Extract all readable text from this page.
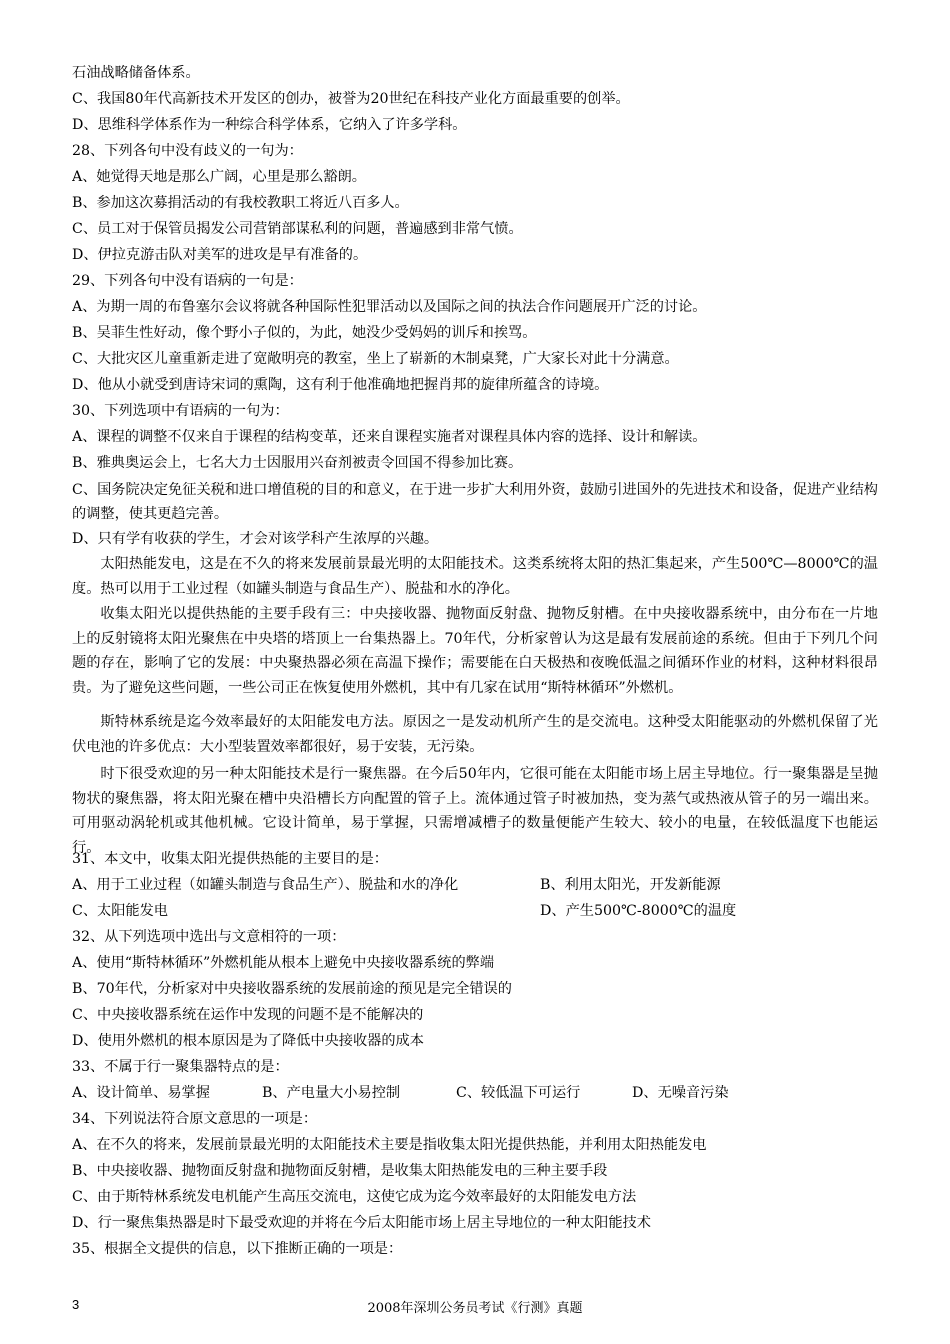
石油战略储备体系。
C、我国80年代高新技术开发区的创办，被誉为20世纪在科技产业化方面最重要的创举。
D、思维科学体系作为一种综合科学体系，它纳入了许多学科。
28、下列各句中没有歧义的一句为：
A、她觉得天地是那么广阔，心里是那么豁朗。
B、参加这次募捐活动的有我校教职工将近八百多人。
C、员工对于保管员揭发公司营销部谋私利的问题，普遍感到非常气愤。
D、伊拉克游击队对美军的进攻是早有准备的。
29、下列各句中没有语病的一句是：
A、为期一周的布鲁塞尔会议将就各种国际性犯罪活动以及国际之间的执法合作问题展开广泛的讨论。
B、吴菲生性好动，像个野小子似的，为此，她没少受妈妈的训斥和挨骂。
C、大批灾区儿童重新走进了宽敞明亮的教室，坐上了崭新的木制桌凳，广大家长对此十分满意。
D、他从小就受到唐诗宋词的熏陶，这有利于他准确地把握肖邦的旋律所蕴含的诗境。
30、下列选项中有语病的一句为：
A、课程的调整不仅来自于课程的结构变革，还来自课程实施者对课程具体内容的选择、设计和解读。
B、雅典奥运会上，七名大力士因服用兴奋剂被责令回国不得参加比赛。
C、国务院决定免征关税和进口增值税的目的和意义，在于进一步扩大利用外资，鼓励引进国外的先进技术和设备，促进产业结构的调整，使其更趋完善。
D、只有学有收获的学生，才会对该学科产生浓厚的兴趣。
太阳热能发电，这是在不久的将来发展前景最光明的太阳能技术。这类系统将太阳的热汇集起来，产生500℃—8000℃的温度。热可以用于工业过程（如罐头制造与食品生产）、脱盐和水的净化。
收集太阳光以提供热能的主要手段有三：中央接收器、抛物面反射盘、抛物反射槽。在中央接收器系统中，由分布在一片地上的反射镜将太阳光聚焦在中央塔的塔顶上一台集热器上。70年代，分析家曾认为这是最有发展前途的系统。但由于下列几个问题的存在，影响了它的发展：中央聚热器必须在高温下操作；需要能在白天极热和夜晚低温之间循环作业的材料，这种材料很昂贵。为了避免这些问题，一些公司正在恢复使用外燃机，其中有几家在试用“斯特林循环”外燃机。
斯特林系统是迄今效率最好的太阳能发电方法。原因之一是发动机所产生的是交流电。这种受太阳能驱动的外燃机保留了光伏电池的许多优点：大小型装置效率都很好，易于安装，无污染。
时下很受欢迎的另一种太阳能技术是行一聚焦器。在今后50年内，它很可能在太阳能市场上居主导地位。行一聚集器是呈抛物状的聚焦器，将太阳光聚在槽中央沿槽长方向配置的管子上。流体通过管子时被加热，变为蒸气或热液从管子的另一端出来。可用驱动涡轮机或其他机械。它设计简单，易于掌握，只需增减槽子的数量便能产生较大、较小的电量，在较低温度下也能运行。
31、本文中，收集太阳光提供热能的主要目的是：
A、用于工业过程（如罐头制造与食品生产）、脱盐和水的净化	B、利用太阳光，开发新能源
C、太阳能发电	D、产生500℃-8000℃的温度
32、从下列选项中选出与文意相符的一项：
A、使用“斯特林循环”外燃机能从根本上避免中央接收器系统的弊端
B、70年代，分析家对中央接收器系统的发展前途的预见是完全错误的
C、中央接收器系统在运作中发现的问题不是不能解决的
D、使用外燃机的根本原因是为了降低中央接收器的成本
33、不属于行一聚集器特点的是：
A、设计简单、易掌握	B、产电量大小易控制	C、较低温下可运行	D、无噪音污染
34、下列说法符合原文意思的一项是：
A、在不久的将来，发展前景最光明的太阳能技术主要是指收集太阳光提供热能，并利用太阳热能发电
B、中央接收器、抛物面反射盘和抛物面反射槽，是收集太阳热能发电的三种主要手段
C、由于斯特林系统发电机能产生高压交流电，这使它成为迄今效率最好的太阳能发电方法
D、行一聚焦集热器是时下最受欢迎的并将在今后太阳能市场上居主导地位的一种太阳能技术
35、根据全文提供的信息，以下推断正确的一项是：
3	2008年深圳公务员考试《行测》真题
